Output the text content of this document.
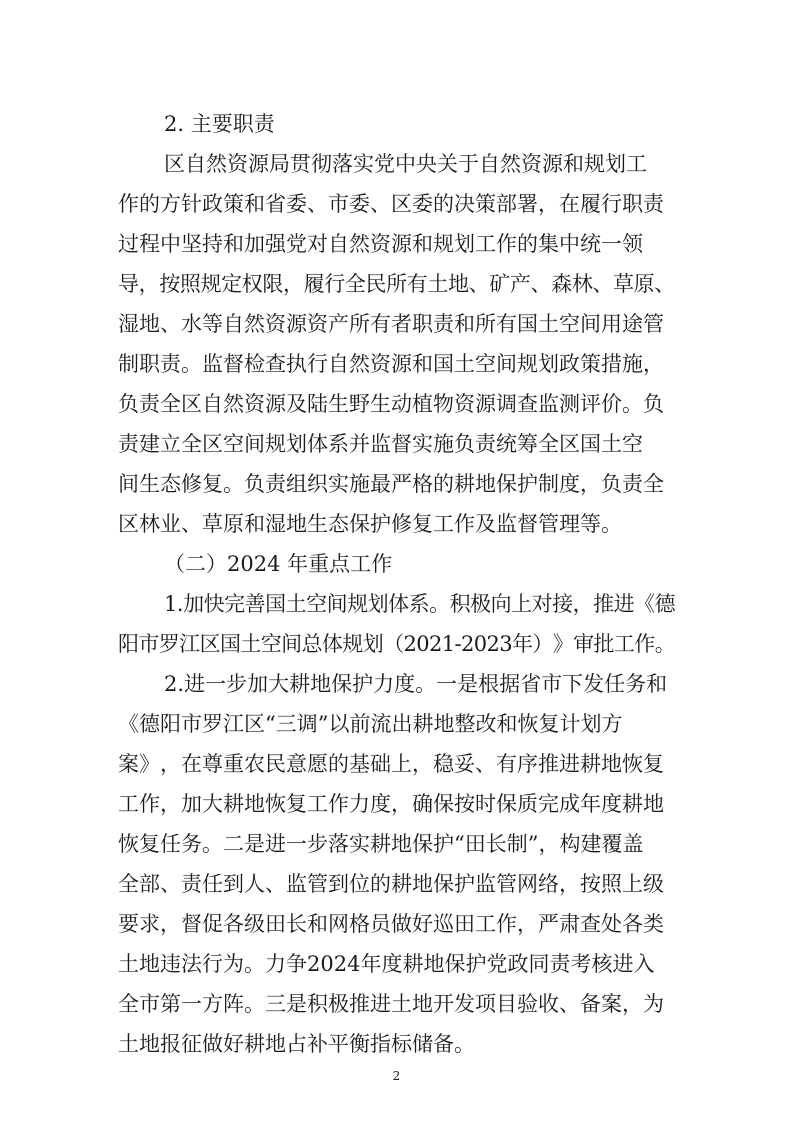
2. 主要职责
区自然资源局贯彻落实党中央关于自然资源和规划工
作的方针政策和省委、市委、区委的决策部署，在履行职责
过程中坚持和加强党对自然资源和规划工作的集中统一领
导，按照规定权限，履行全民所有土地、矿产、森林、草原、
湿地、水等自然资源资产所有者职责和所有国土空间用途管
制职责。监督检查执行自然资源和国土空间规划政策措施，
负责全区自然资源及陆生野生动植物资源调查监测评价。负
责建立全区空间规划体系并监督实施负责统筹全区国土空
间生态修复。负责组织实施最严格的耕地保护制度，负责全
区林业、草原和湿地生态保护修复工作及监督管理等。
（二）2024 年重点工作
1.加快完善国土空间规划体系。积极向上对接，推进《德
阳市罗江区国土空间总体规划（2021-2023年）》审批工作。
2.进一步加大耕地保护力度。一是根据省市下发任务和
《德阳市罗江区“三调”以前流出耕地整改和恢复计划方
案》，在尊重农民意愿的基础上，稳妥、有序推进耕地恢复
工作，加大耕地恢复工作力度，确保按时保质完成年度耕地
恢复任务。二是进一步落实耕地保护“田长制”，构建覆盖
全部、责任到人、监管到位的耕地保护监管网络，按照上级
要求，督促各级田长和网格员做好巡田工作，严肃查处各类
土地违法行为。力争2024年度耕地保护党政同责考核进入
全市第一方阵。三是积极推进土地开发项目验收、备案，为
土地报征做好耕地占补平衡指标储备。
2
